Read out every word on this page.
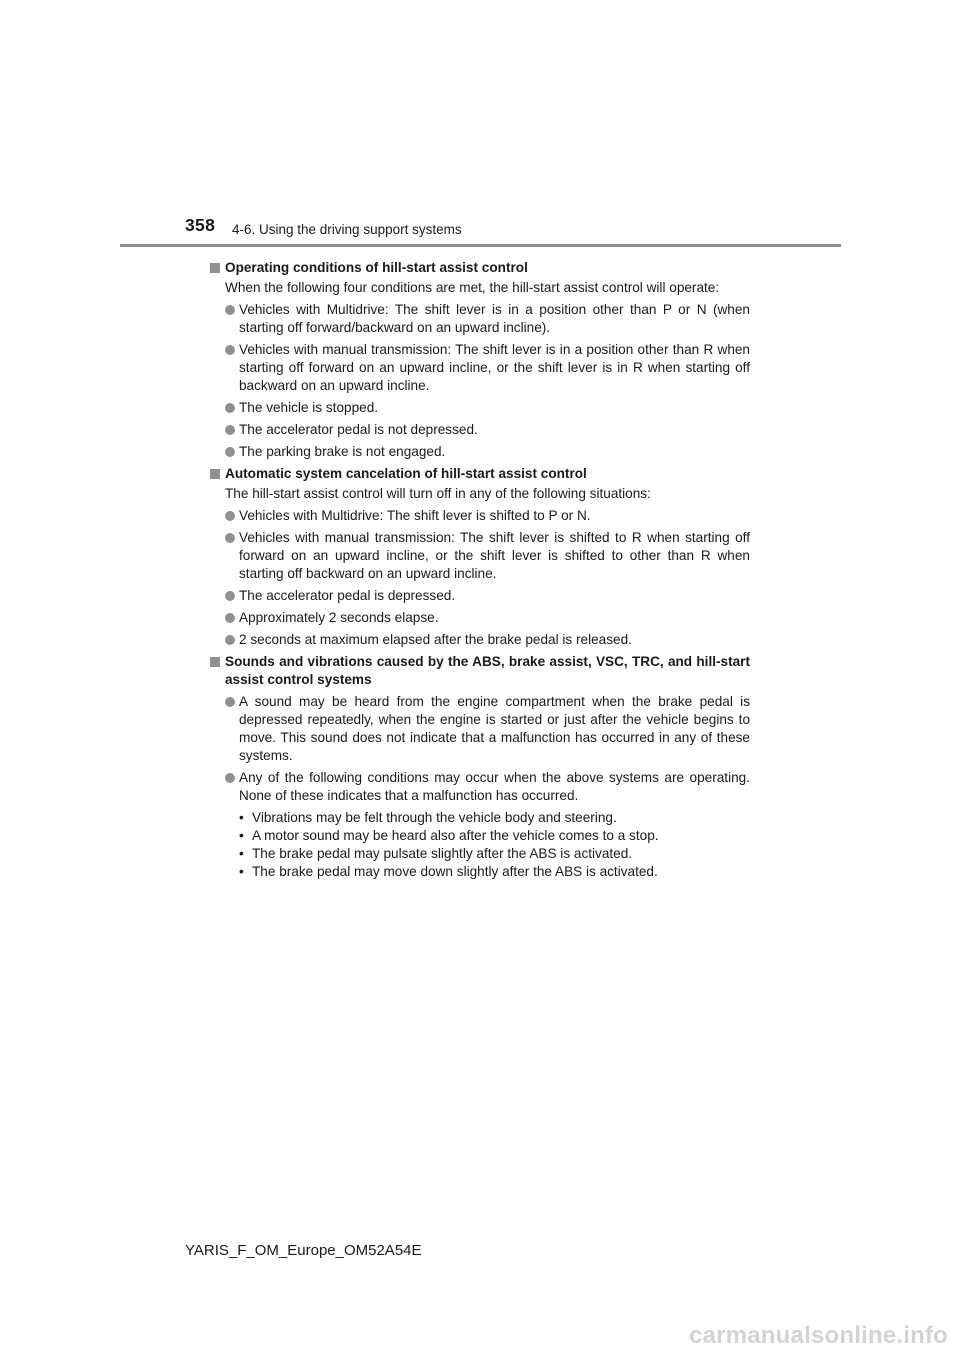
358 4-6. Using the driving support systems
Operating conditions of hill-start assist control
When the following four conditions are met, the hill-start assist control will operate:
Vehicles with Multidrive: The shift lever is in a position other than P or N (when starting off forward/backward on an upward incline).
Vehicles with manual transmission: The shift lever is in a position other than R when starting off forward on an upward incline, or the shift lever is in R when starting off backward on an upward incline.
The vehicle is stopped.
The accelerator pedal is not depressed.
The parking brake is not engaged.
Automatic system cancelation of hill-start assist control
The hill-start assist control will turn off in any of the following situations:
Vehicles with Multidrive: The shift lever is shifted to P or N.
Vehicles with manual transmission: The shift lever is shifted to R when starting off forward on an upward incline, or the shift lever is shifted to other than R when starting off backward on an upward incline.
The accelerator pedal is depressed.
Approximately 2 seconds elapse.
2 seconds at maximum elapsed after the brake pedal is released.
Sounds and vibrations caused by the ABS, brake assist, VSC, TRC, and hill-start assist control systems
A sound may be heard from the engine compartment when the brake pedal is depressed repeatedly, when the engine is started or just after the vehicle begins to move. This sound does not indicate that a malfunction has occurred in any of these systems.
Any of the following conditions may occur when the above systems are operating. None of these indicates that a malfunction has occurred.
• Vibrations may be felt through the vehicle body and steering.
• A motor sound may be heard also after the vehicle comes to a stop.
• The brake pedal may pulsate slightly after the ABS is activated.
• The brake pedal may move down slightly after the ABS is activated.
YARIS_F_OM_Europe_OM52A54E
carmanualsonline.info
